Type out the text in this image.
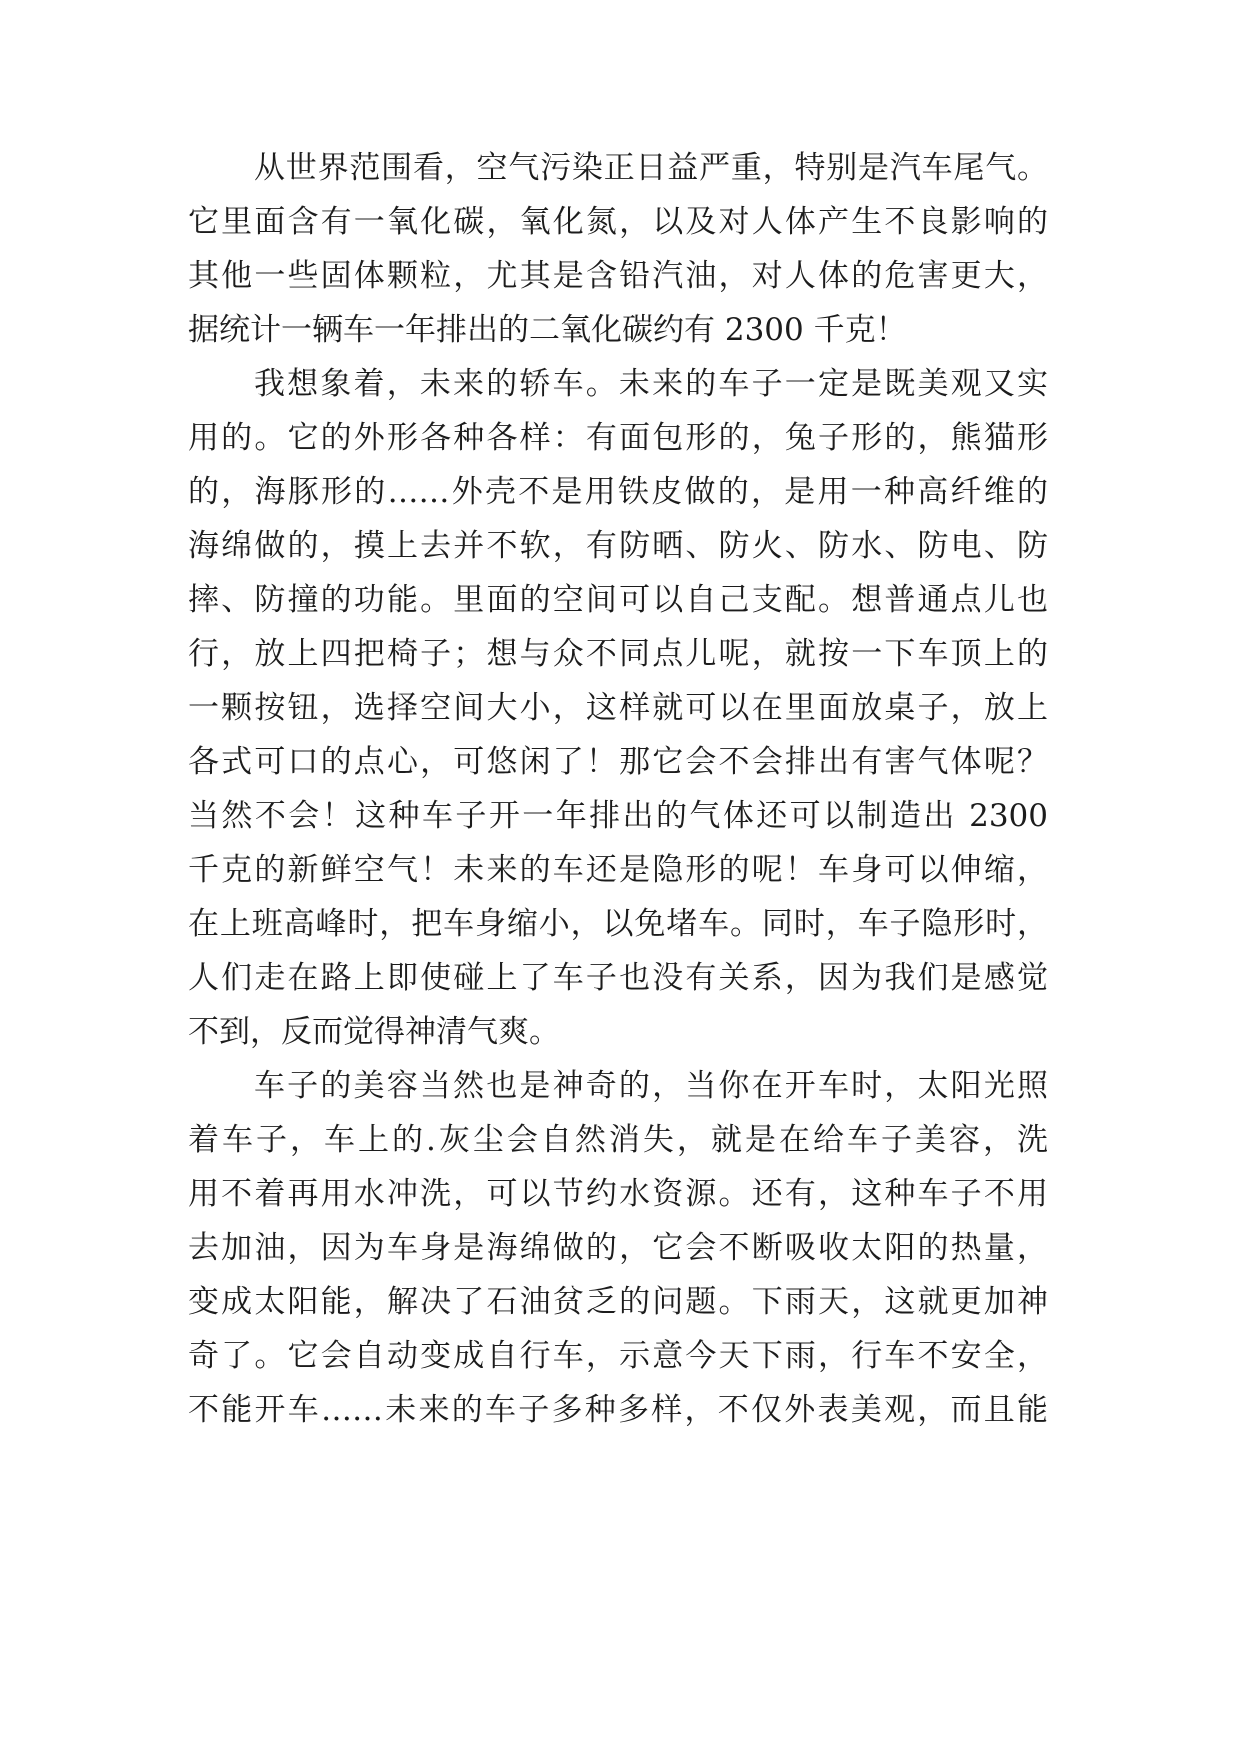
从世界范围看，空气污染正日益严重，特别是汽车尾气。

它里面含有一氧化碳，氧化氮，以及对人体产生不良影响的

其他一些固体颗粒，尤其是含铅汽油，对人体的危害更大，

据统计一辆车一年排出的二氧化碳约有 2300 千克！

我想象着，未来的轿车。未来的车子一定是既美观又实

用的。它的外形各种各样：有面包形的，兔子形的，熊猫形

的，海豚形的……外壳不是用铁皮做的，是用一种高纤维的

海绵做的，摸上去并不软，有防晒、防火、防水、防电、防

摔、防撞的功能。里面的空间可以自己支配。想普通点儿也

行，放上四把椅子；想与众不同点儿呢，就按一下车顶上的

一颗按钮，选择空间大小，这样就可以在里面放桌子，放上

各式可口的点心，可悠闲了！那它会不会排出有害气体呢？

当然不会！这种车子开一年排出的气体还可以制造出 2300

千克的新鲜空气！未来的车还是隐形的呢！车身可以伸缩，

在上班高峰时，把车身缩小，以免堵车。同时，车子隐形时，

人们走在路上即使碰上了车子也没有关系，因为我们是感觉

不到，反而觉得神清气爽。

车子的美容当然也是神奇的，当你在开车时，太阳光照

着车子，车上的.灰尘会自然消失，就是在给车子美容，洗

用不着再用水冲洗，可以节约水资源。还有，这种车子不用

去加油，因为车身是海绵做的，它会不断吸收太阳的热量，

变成太阳能，解决了石油贫乏的问题。下雨天，这就更加神

奇了。它会自动变成自行车，示意今天下雨，行车不安全，

不能开车……未来的车子多种多样，不仅外表美观，而且能
